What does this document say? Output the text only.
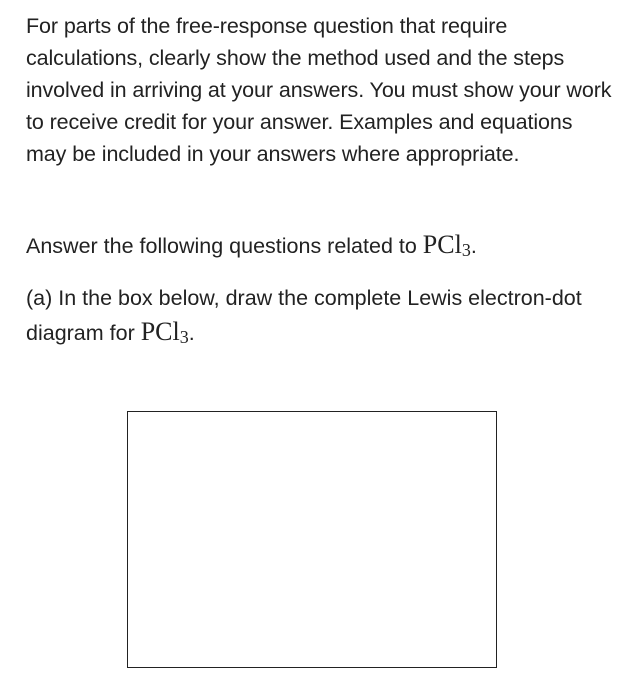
For parts of the free-response question that require calculations, clearly show the method used and the steps involved in arriving at your answers. You must show your work to receive credit for your answer. Examples and equations may be included in your answers where appropriate.

Answer the following questions related to PCl$_3$.

(a) In the box below, draw the complete Lewis electron-dot diagram for PCl$_3$.
